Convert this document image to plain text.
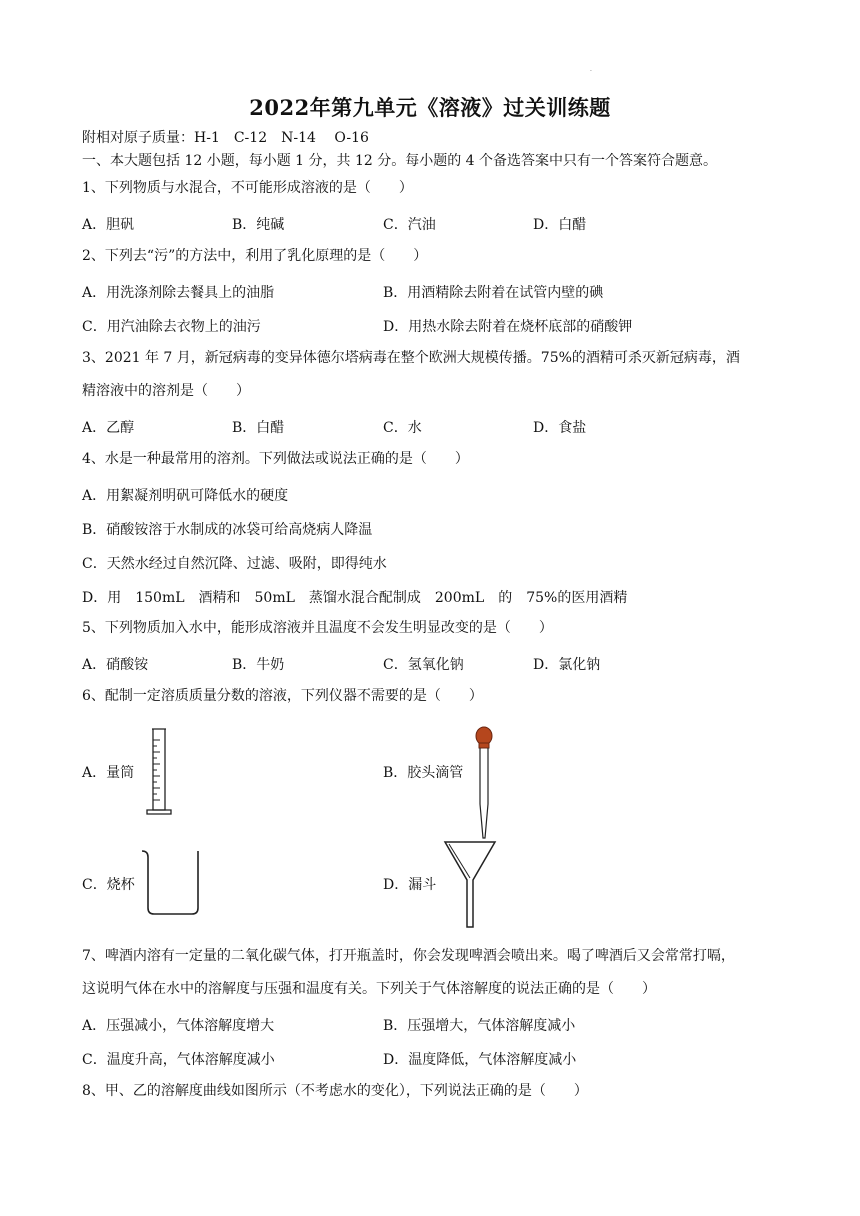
·
2022年第九单元《溶液》过关训练题
附相对原子质量：H-1　C-12　N-14　 O-16
一、本大题包括 12 小题，每小题 1 分，共 12 分。每小题的 4 个备选答案中只有一个答案符合题意。
1、下列物质与水混合，不可能形成溶液的是（　　）
A．胆矾	B．纯碱	C．汽油	D．白醋
2、下列去“污”的方法中，利用了乳化原理的是（　　）
A．用洗涤剂除去餐具上的油脂	B．用酒精除去附着在试管内壁的碘
C．用汽油除去衣物上的油污	D．用热水除去附着在烧杯底部的硝酸钾
3、2021 年 7 月，新冠病毒的变异体德尔塔病毒在整个欧洲大规模传播。75%的酒精可杀灭新冠病毒，酒
精溶液中的溶剂是（　　）
A．乙醇	B．白醋	C．水	D．食盐
4、水是一种最常用的溶剂。下列做法或说法正确的是（　　）
A．用絮凝剂明矾可降低水的硬度
B．硝酸铵溶于水制成的冰袋可给高烧病人降温
C．天然水经过自然沉降、过滤、吸附，即得纯水
D．用　150mL　酒精和　50mL　蒸馏水混合配制成　200mL　的　75%的医用酒精
5、下列物质加入水中，能形成溶液并且温度不会发生明显改变的是（　　）
A．硝酸铵	B．牛奶	C．氢氧化钠	D．氯化钠
6、配制一定溶质质量分数的溶液，下列仪器不需要的是（　　）
A．量筒	B．胶头滴管
C．烧杯	D．漏斗
7、啤酒内溶有一定量的二氧化碳气体，打开瓶盖时，你会发现啤酒会喷出来。喝了啤酒后又会常常打嗝，
这说明气体在水中的溶解度与压强和温度有关。下列关于气体溶解度的说法正确的是（　　）
A．压强减小，气体溶解度增大	B．压强增大，气体溶解度减小
C．温度升高，气体溶解度减小	D．温度降低，气体溶解度减小
8、甲、乙的溶解度曲线如图所示（不考虑水的变化），下列说法正确的是（　　）
